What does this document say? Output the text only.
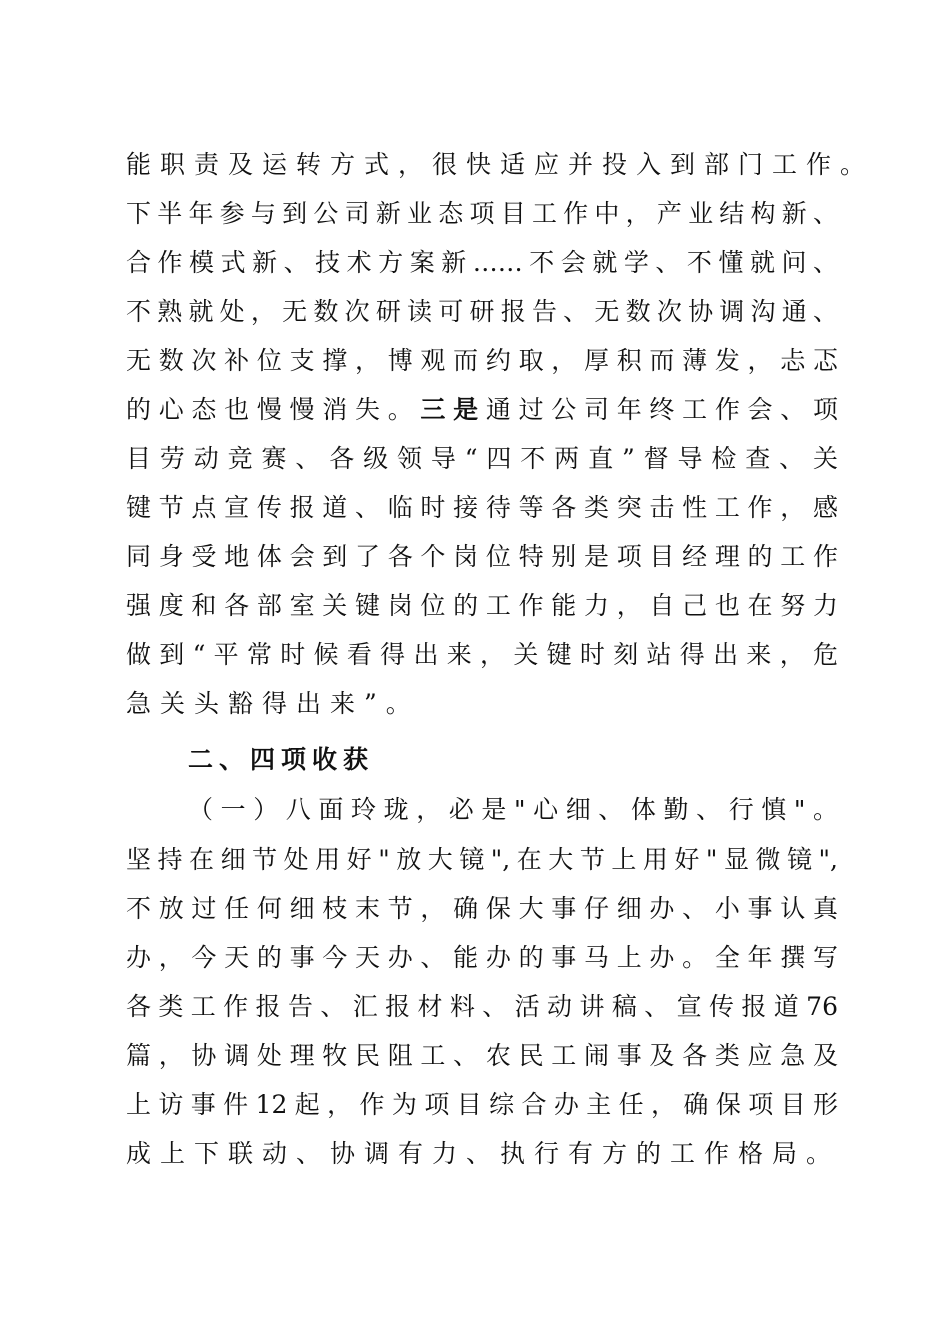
能职责及运转方式，很快适应并投入到部门工作。
下半年参与到公司新业态项目工作中，产业结构新、
合作模式新、技术方案新……不会就学、不懂就问、
不熟就处，无数次研读可研报告、无数次协调沟通、
无数次补位支撑，博观而约取，厚积而薄发，忐忑
的心态也慢慢消失。三是通过公司年终工作会、项
目劳动竞赛、各级领导“四不两直”督导检查、关
键节点宣传报道、临时接待等各类突击性工作，感
同身受地体会到了各个岗位特别是项目经理的工作
强度和各部室关键岗位的工作能力，自己也在努力
做到“平常时候看得出来，关键时刻站得出来，危
急关头豁得出来”。
二、四项收获
（一）八面玲珑，必是"心细、体勤、行慎"。
坚持在细节处用好"放大镜",在大节上用好"显微镜",
不放过任何细枝末节，确保大事仔细办、小事认真
办，今天的事今天办、能办的事马上办。全年撰写
各类工作报告、汇报材料、活动讲稿、宣传报道76
篇，协调处理牧民阻工、农民工闹事及各类应急及
上访事件12起，作为项目综合办主任，确保项目形
成上下联动、协调有力、执行有方的工作格局。
